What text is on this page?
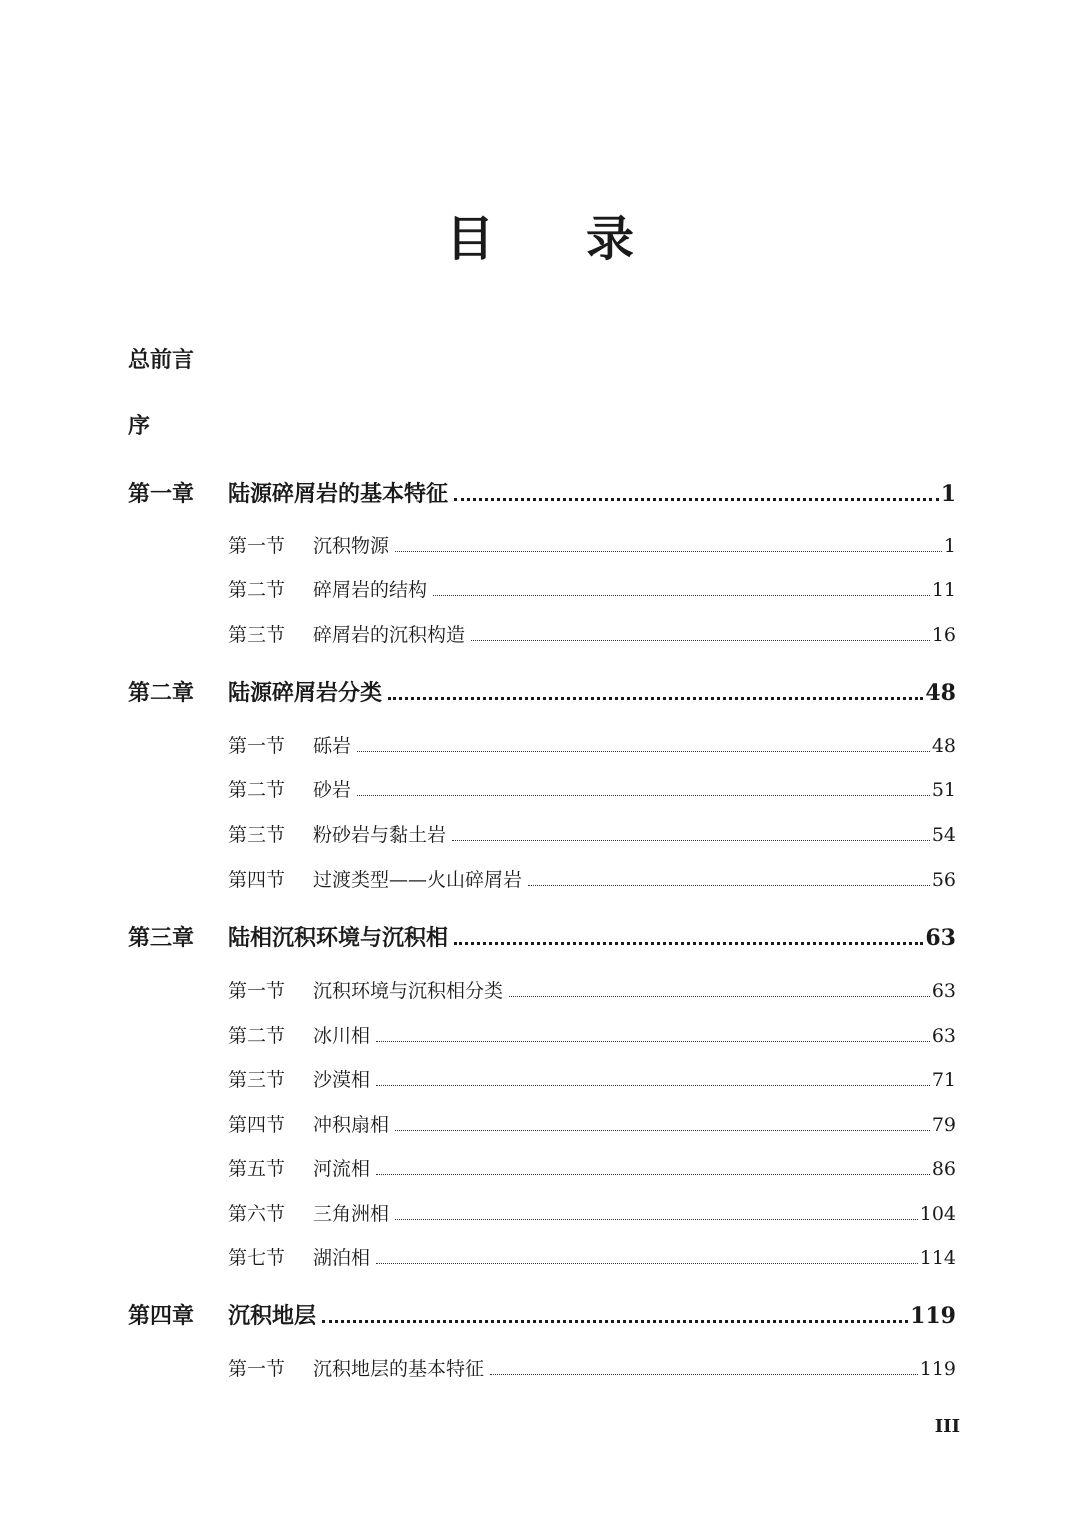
目 录
总前言
序
第一章	陆源碎屑岩的基本特征	1
第一节	沉积物源	1
第二节	碎屑岩的结构	11
第三节	碎屑岩的沉积构造	16
第二章	陆源碎屑岩分类	48
第一节	砾岩	48
第二节	砂岩	51
第三节	粉砂岩与黏土岩	54
第四节	过渡类型——火山碎屑岩	56
第三章	陆相沉积环境与沉积相	63
第一节	沉积环境与沉积相分类	63
第二节	冰川相	63
第三节	沙漠相	71
第四节	冲积扇相	79
第五节	河流相	86
第六节	三角洲相	104
第七节	湖泊相	114
第四章	沉积地层	119
第一节	沉积地层的基本特征	119
III
